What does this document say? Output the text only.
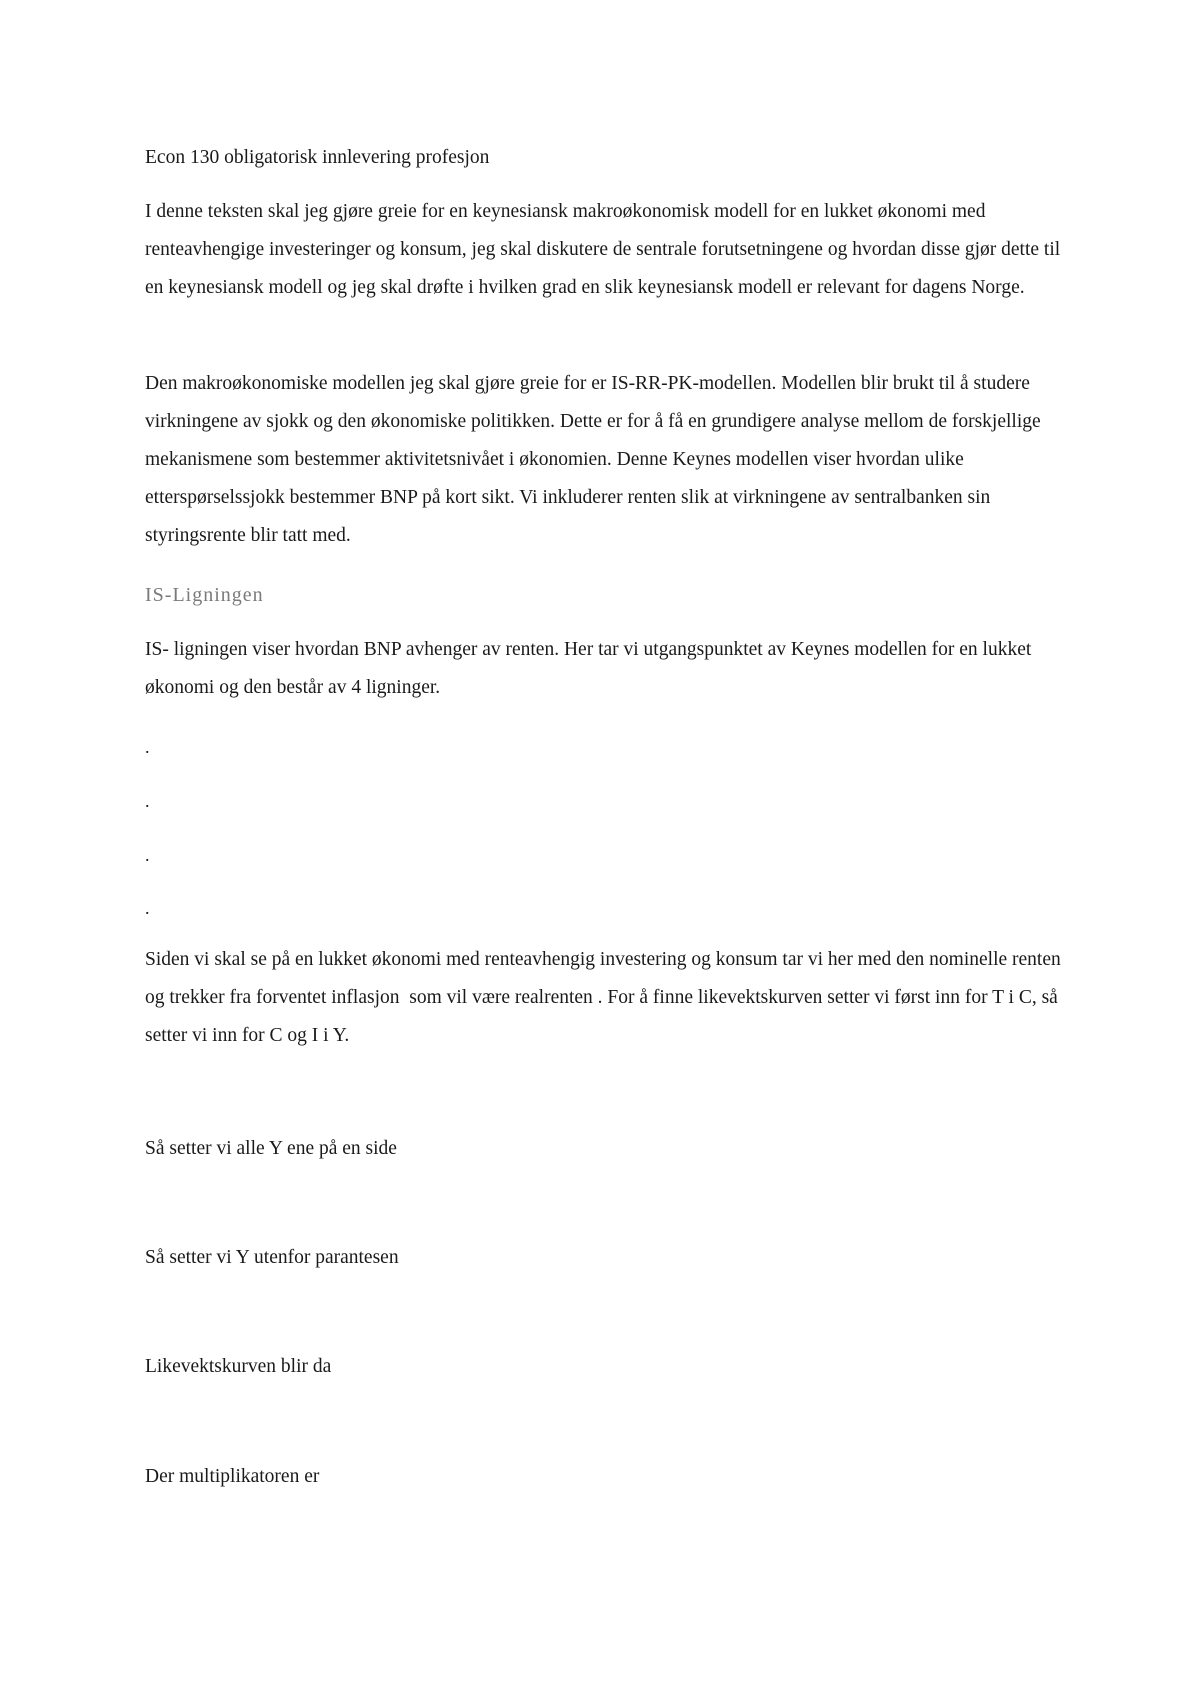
Econ 130 obligatorisk innlevering profesjon

I denne teksten skal jeg gjøre greie for en keynesiansk makroøkonomisk modell for en lukket økonomi med renteavhengige investeringer og konsum, jeg skal diskutere de sentrale forutsetningene og hvordan disse gjør dette til en keynesiansk modell og jeg skal drøfte i hvilken grad en slik keynesiansk modell er relevant for dagens Norge.

Den makroøkonomiske modellen jeg skal gjøre greie for er IS-RR-PK-modellen. Modellen blir brukt til å studere virkningene av sjokk og den økonomiske politikken. Dette er for å få en grundigere analyse mellom de forskjellige mekanismene som bestemmer aktivitetsnivået i økonomien. Denne Keynes modellen viser hvordan ulike etterspørselssjokk bestemmer BNP på kort sikt. Vi inkluderer renten slik at virkningene av sentralbanken sin styringsrente blir tatt med.

IS-Ligningen

IS- ligningen viser hvordan BNP avhenger av renten. Her tar vi utgangspunktet av Keynes modellen for en lukket økonomi og den består av 4 ligninger.

.
.
.
.

Siden vi skal se på en lukket økonomi med renteavhengig investering og konsum tar vi her med den nominelle renten  og trekker fra forventet inflasjon  som vil være realrenten . For å finne likevektskurven setter vi først inn for T i C, så setter vi inn for C og I i Y.

Så setter vi alle Y ene på en side

Så setter vi Y utenfor parantesen

Likevektskurven blir da

Der multiplikatoren er
